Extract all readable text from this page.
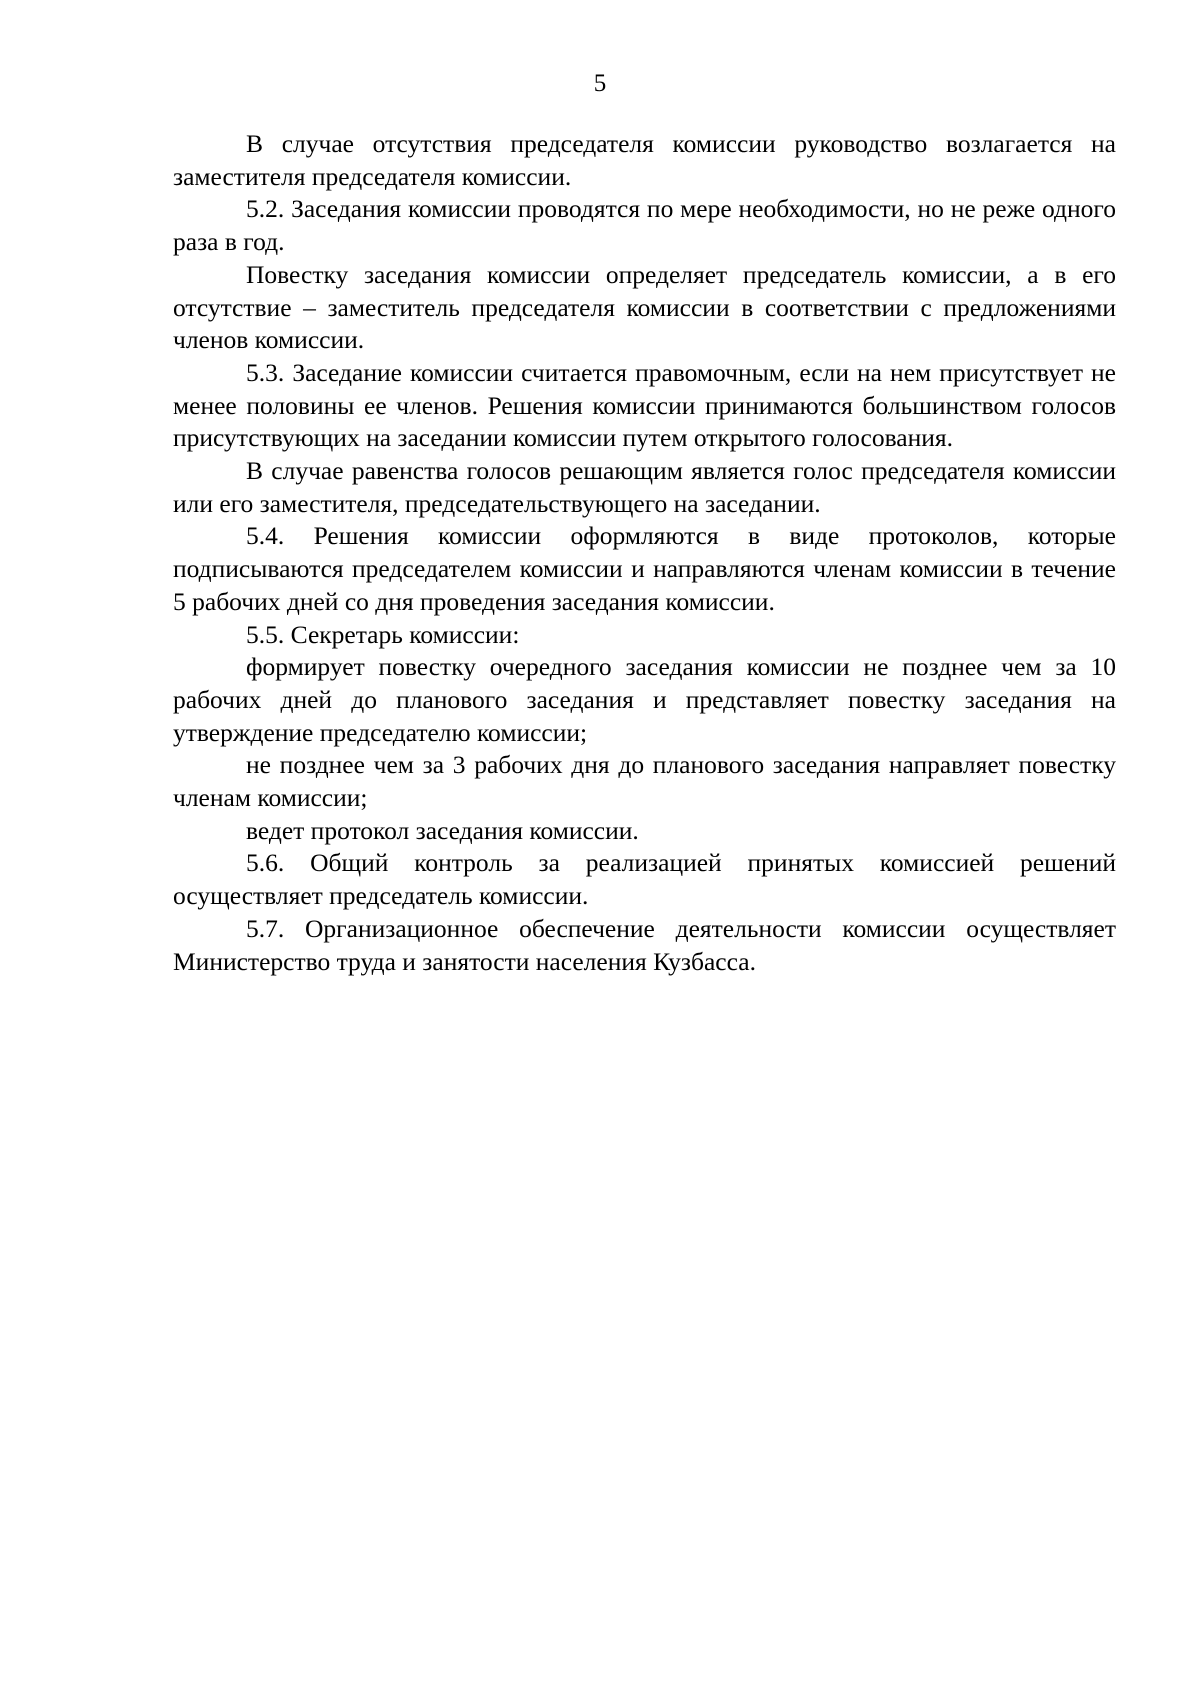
5

В случае отсутствия председателя комиссии руководство возлагается на заместителя председателя комиссии.

5.2. Заседания комиссии проводятся по мере необходимости, но не реже одного раза в год.

Повестку заседания комиссии определяет председатель комиссии, а в его отсутствие – заместитель председателя комиссии в соответствии с предложениями членов комиссии.

5.3. Заседание комиссии считается правомочным, если на нем присутствует не менее половины ее членов. Решения комиссии принимаются большинством голосов присутствующих на заседании комиссии путем открытого голосования.

В случае равенства голосов решающим является голос председателя комиссии или его заместителя, председательствующего на заседании.

5.4. Решения комиссии оформляются в виде протоколов, которые подписываются председателем комиссии и направляются членам комиссии в течение 5 рабочих дней со дня проведения заседания комиссии.

5.5. Секретарь комиссии:

формирует повестку очередного заседания комиссии не позднее чем за 10 рабочих дней до планового заседания и представляет повестку заседания на утверждение председателю комиссии;

не позднее чем за 3 рабочих дня до планового заседания направляет повестку членам комиссии;

ведет протокол заседания комиссии.

5.6. Общий контроль за реализацией принятых комиссией решений осуществляет председатель комиссии.

5.7. Организационное обеспечение деятельности комиссии осуществляет Министерство труда и занятости населения Кузбасса.
